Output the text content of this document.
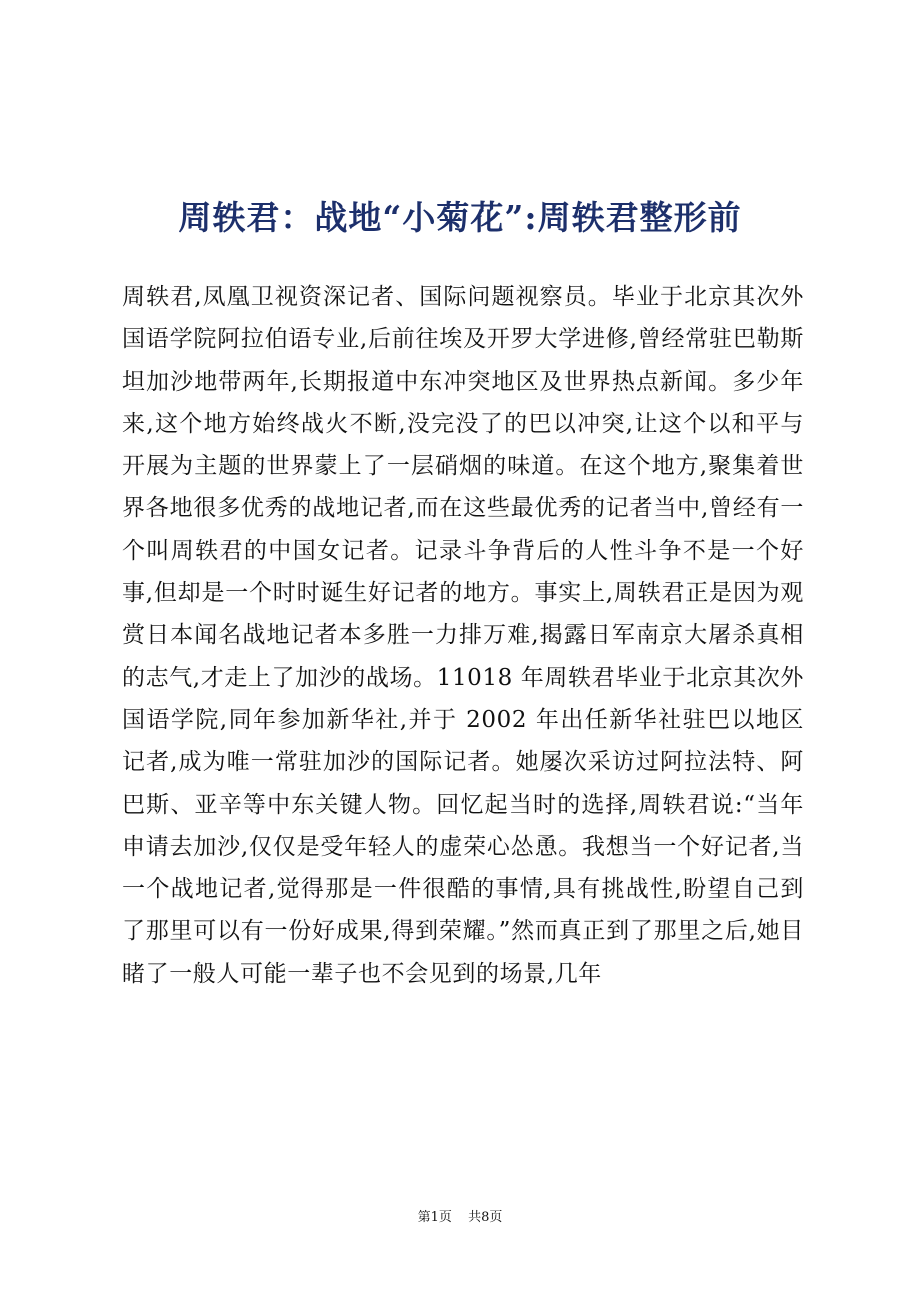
周轶君：战地“小菊花”:周轶君整形前
周轶君,凤凰卫视资深记者、国际问题视察员。毕业于北京其次外国语学院阿拉伯语专业,后前往埃及开罗大学进修,曾经常驻巴勒斯坦加沙地带两年,长期报道中东冲突地区及世界热点新闻。多少年来,这个地方始终战火不断,没完没了的巴以冲突,让这个以和平与开展为主题的世界蒙上了一层硝烟的味道。在这个地方,聚集着世界各地很多优秀的战地记者,而在这些最优秀的记者当中,曾经有一个叫周轶君的中国女记者。记录斗争背后的人性斗争不是一个好事,但却是一个时时诞生好记者的地方。事实上,周轶君正是因为观赏日本闻名战地记者本多胜一力排万难,揭露日军南京大屠杀真相的志气,才走上了加沙的战场。11018 年周轶君毕业于北京其次外国语学院,同年参加新华社,并于 2002 年出任新华社驻巴以地区记者,成为唯一常驻加沙的国际记者。她屡次采访过阿拉法特、阿巴斯、亚辛等中东关键人物。回忆起当时的选择,周轶君说:“当年申请去加沙,仅仅是受年轻人的虚荣心怂恿。我想当一个好记者,当一个战地记者,觉得那是一件很酷的事情,具有挑战性,盼望自己到了那里可以有一份好成果,得到荣耀。”然而真正到了那里之后,她目睹了一般人可能一辈子也不会见到的场景,几年
第1页 共8页
